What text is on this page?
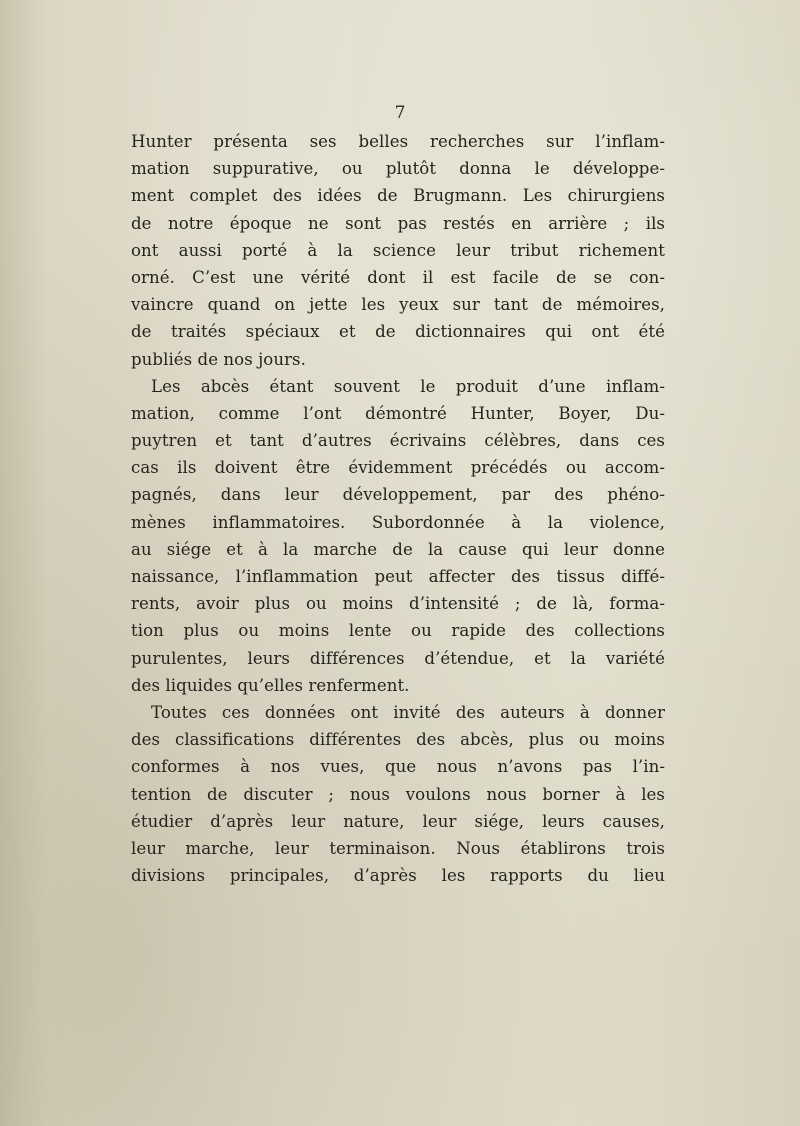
7
Hunter présenta ses belles recherches sur l’inflam-
mation suppurative, ou plutôt donna le développe-
ment complet des idées de Brugmann. Les chirurgiens
de notre époque ne sont pas restés en arrière ; ils
ont aussi porté à la science leur tribut richement
orné. C’est une vérité dont il est facile de se con-
vaincre quand on jette les yeux sur tant de mémoires,
de traités spéciaux et de dictionnaires qui ont été
publiés de nos jours.
Les abcès étant souvent le produit d’une inflam-
mation, comme l’ont démontré Hunter, Boyer, Du-
puytren et tant d’autres écrivains célèbres, dans ces
cas ils doivent être évidemment précédés ou accom-
pagnés, dans leur développement, par des phéno-
mènes inflammatoires. Subordonnée à la violence,
au siége et à la marche de la cause qui leur donne
naissance, l’inflammation peut affecter des tissus diffé-
rents, avoir plus ou moins d’intensité ; de là, forma-
tion plus ou moins lente ou rapide des collections
purulentes, leurs différences d’étendue, et la variété
des liquides qu’elles renferment.
Toutes ces données ont invité des auteurs à donner
des classifications différentes des abcès, plus ou moins
conformes à nos vues, que nous n’avons pas l’in-
tention de discuter ; nous voulons nous borner à les
étudier d’après leur nature, leur siége, leurs causes,
leur marche, leur terminaison. Nous établirons trois
divisions principales, d’après les rapports du lieu
